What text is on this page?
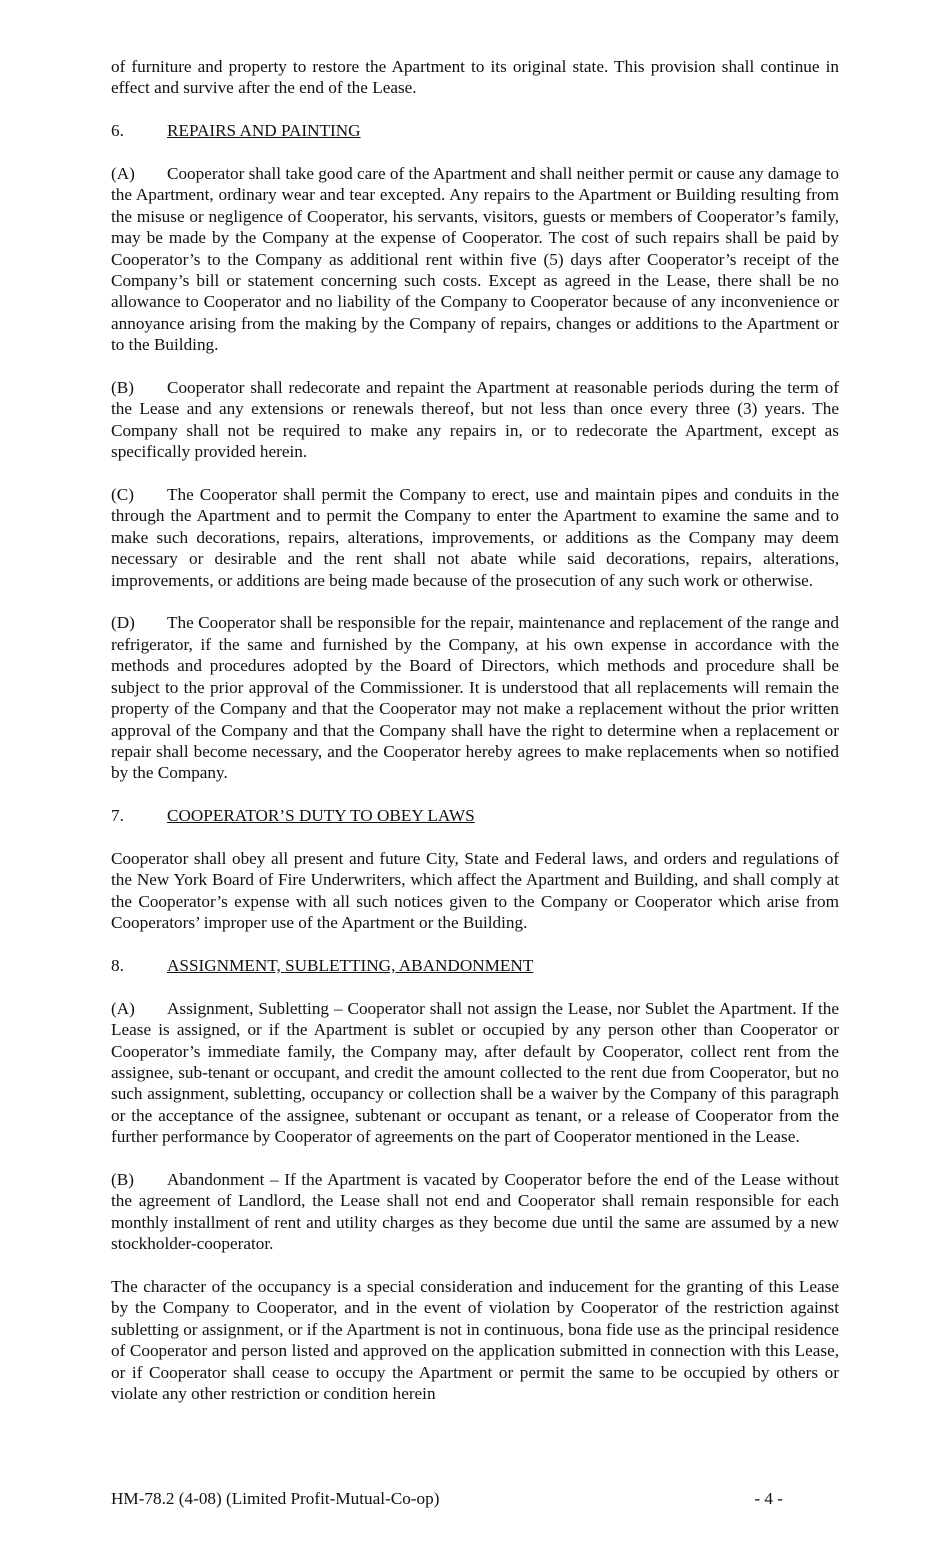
of furniture and property to restore the Apartment to its original state. This provision shall continue in effect and survive after the end of the Lease.

6.	REPAIRS AND PAINTING

(A) Cooperator shall take good care of the Apartment and shall neither permit or cause any damage to the Apartment, ordinary wear and tear excepted. Any repairs to the Apartment or Building resulting from the misuse or negligence of Cooperator, his servants, visitors, guests or members of Cooperator’s family, may be made by the Company at the expense of Cooperator. The cost of such repairs shall be paid by Cooperator’s to the Company as additional rent within five (5) days after Cooperator’s receipt of the Company’s bill or statement concerning such costs. Except as agreed in the Lease, there shall be no allowance to Cooperator and no liability of the Company to Cooperator because of any inconvenience or annoyance arising from the making by the Company of repairs, changes or additions to the Apartment or to the Building.

(B) Cooperator shall redecorate and repaint the Apartment at reasonable periods during the term of the Lease and any extensions or renewals thereof, but not less than once every three (3) years. The Company shall not be required to make any repairs in, or to redecorate the Apartment, except as specifically provided herein.

(C) The Cooperator shall permit the Company to erect, use and maintain pipes and conduits in the through the Apartment and to permit the Company to enter the Apartment to examine the same and to make such decorations, repairs, alterations, improvements, or additions as the Company may deem necessary or desirable and the rent shall not abate while said decorations, repairs, alterations, improvements, or additions are being made because of the prosecution of any such work or otherwise.

(D) The Cooperator shall be responsible for the repair, maintenance and replacement of the range and refrigerator, if the same and furnished by the Company, at his own expense in accordance with the methods and procedures adopted by the Board of Directors, which methods and procedure shall be subject to the prior approval of the Commissioner. It is understood that all replacements will remain the property of the Company and that the Cooperator may not make a replacement without the prior written approval of the Company and that the Company shall have the right to determine when a replacement or repair shall become necessary, and the Cooperator hereby agrees to make replacements when so notified by the Company.

7.	COOPERATOR’S DUTY TO OBEY LAWS

Cooperator shall obey all present and future City, State and Federal laws, and orders and regulations of the New York Board of Fire Underwriters, which affect the Apartment and Building, and shall comply at the Cooperator’s expense with all such notices given to the Company or Cooperator which arise from Cooperators’ improper use of the Apartment or the Building.

8.	ASSIGNMENT, SUBLETTING, ABANDONMENT

(A) Assignment, Subletting – Cooperator shall not assign the Lease, nor Sublet the Apartment. If the Lease is assigned, or if the Apartment is sublet or occupied by any person other than Cooperator or Cooperator’s immediate family, the Company may, after default by Cooperator, collect rent from the assignee, sub-tenant or occupant, and credit the amount collected to the rent due from Cooperator, but no such assignment, subletting, occupancy or collection shall be a waiver by the Company of this paragraph or the acceptance of the assignee, subtenant or occupant as tenant, or a release of Cooperator from the further performance by Cooperator of agreements on the part of Cooperator mentioned in the Lease.

(B) Abandonment – If the Apartment is vacated by Cooperator before the end of the Lease without the agreement of Landlord, the Lease shall not end and Cooperator shall remain responsible for each monthly installment of rent and utility charges as they become due until the same are assumed by a new stockholder-cooperator.

The character of the occupancy is a special consideration and inducement for the granting of this Lease by the Company to Cooperator, and in the event of violation by Cooperator of the restriction against subletting or assignment, or if the Apartment is not in continuous, bona fide use as the principal residence of Cooperator and person listed and approved on the application submitted in connection with this Lease, or if Cooperator shall cease to occupy the Apartment or permit the same to be occupied by others or violate any other restriction or condition herein

HM-78.2 (4-08) (Limited Profit-Mutual-Co-op)	- 4 -
